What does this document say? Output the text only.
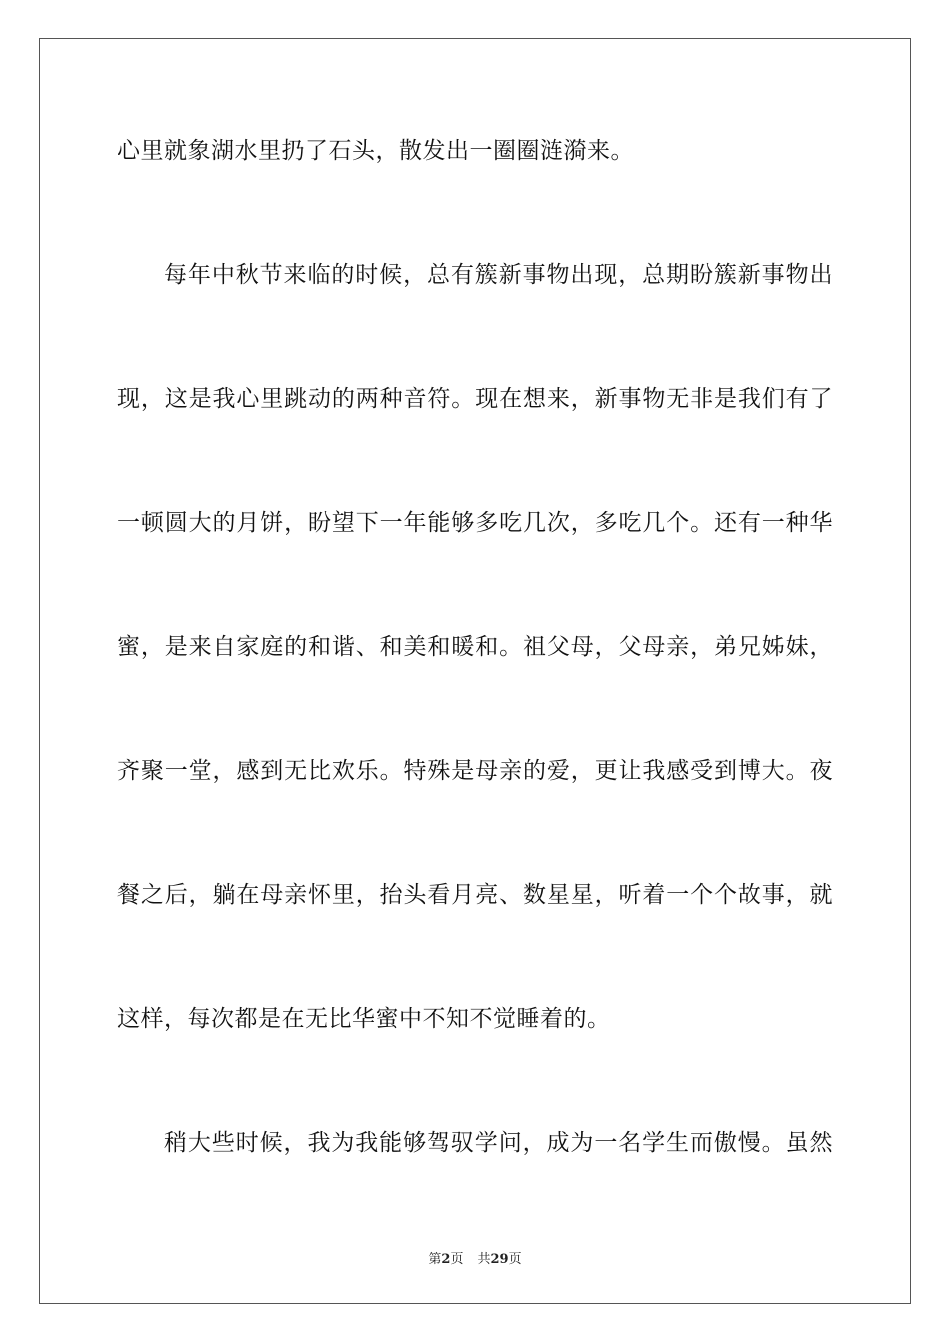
心里就象湖水里扔了石头，散发出一圈圈涟漪来。
每年中秋节来临的时候，总有簇新事物出现，总期盼簇新事物出
现，这是我心里跳动的两种音符。现在想来，新事物无非是我们有了
一顿圆大的月饼，盼望下一年能够多吃几次，多吃几个。还有一种华
蜜，是来自家庭的和谐、和美和暖和。祖父母，父母亲，弟兄姊妹，
齐聚一堂，感到无比欢乐。特殊是母亲的爱，更让我感受到博大。夜
餐之后，躺在母亲怀里，抬头看月亮、数星星，听着一个个故事，就
这样，每次都是在无比华蜜中不知不觉睡着的。
稍大些时候，我为我能够驾驭学问，成为一名学生而傲慢。虽然
第2页 共29页
